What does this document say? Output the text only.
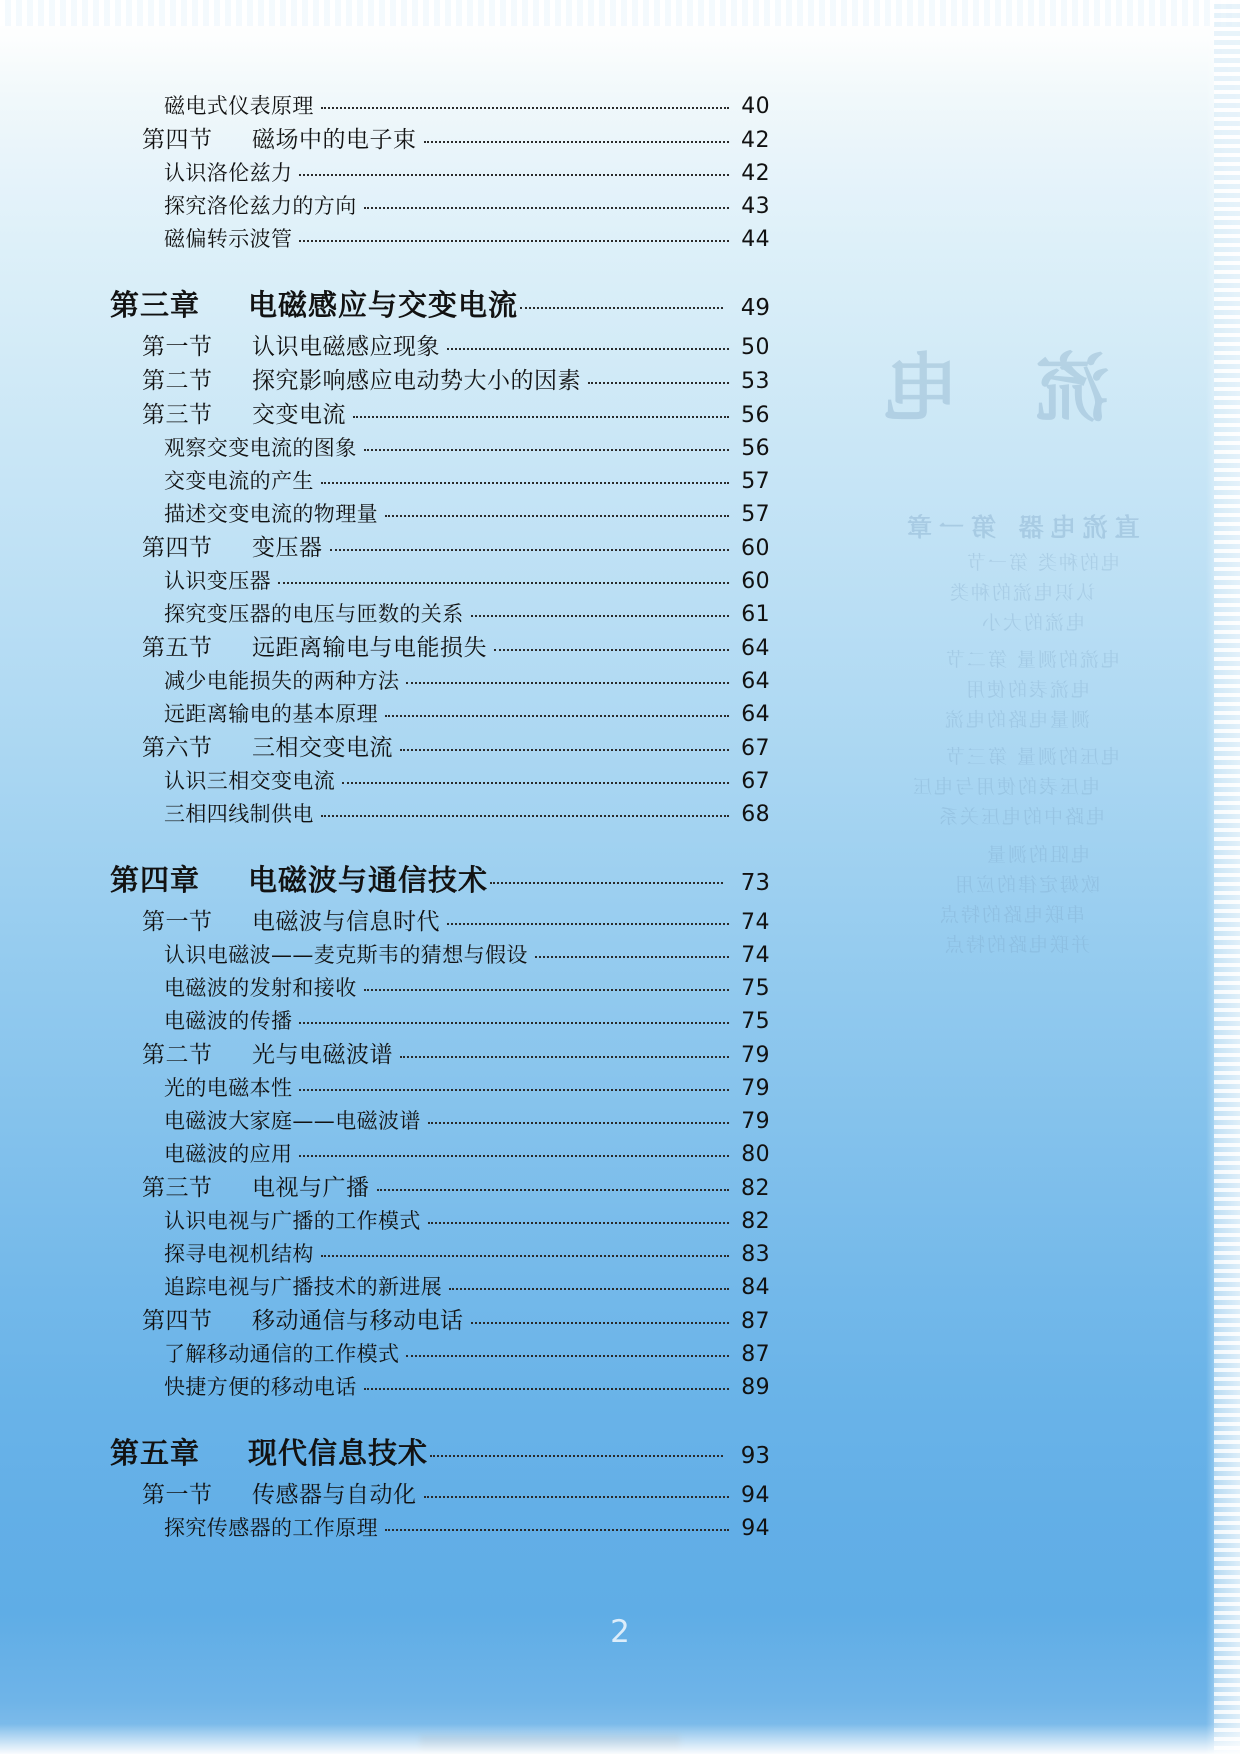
流 电
直流电器 第一章
电的种类 第一节
认识电流的种类
电流的大小
电流的测量 第二节
电流表的使用
测量电路的电流
电压的测量 第三节
电压表的使用与电压
电路中的电压关系
电阻的测量
欧姆定律的应用
串联电路的特点
并联电路的特点
磁电式仪表原理	40
第四节 磁场中的电子束	42
认识洛伦兹力	42
探究洛伦兹力的方向	43
磁偏转示波管	44
第三章 电磁感应与交变电流	49
第一节 认识电磁感应现象	50
第二节 探究影响感应电动势大小的因素	53
第三节 交变电流	56
观察交变电流的图象	56
交变电流的产生	57
描述交变电流的物理量	57
第四节 变压器	60
认识变压器	60
探究变压器的电压与匝数的关系	61
第五节 远距离输电与电能损失	64
减少电能损失的两种方法	64
远距离输电的基本原理	64
第六节 三相交变电流	67
认识三相交变电流	67
三相四线制供电	68
第四章 电磁波与通信技术	73
第一节 电磁波与信息时代	74
认识电磁波——麦克斯韦的猜想与假设	74
电磁波的发射和接收	75
电磁波的传播	75
第二节 光与电磁波谱	79
光的电磁本性	79
电磁波大家庭——电磁波谱	79
电磁波的应用	80
第三节 电视与广播	82
认识电视与广播的工作模式	82
探寻电视机结构	83
追踪电视与广播技术的新进展	84
第四节 移动通信与移动电话	87
了解移动通信的工作模式	87
快捷方便的移动电话	89
第五章 现代信息技术	93
第一节 传感器与自动化	94
探究传感器的工作原理	94
2
